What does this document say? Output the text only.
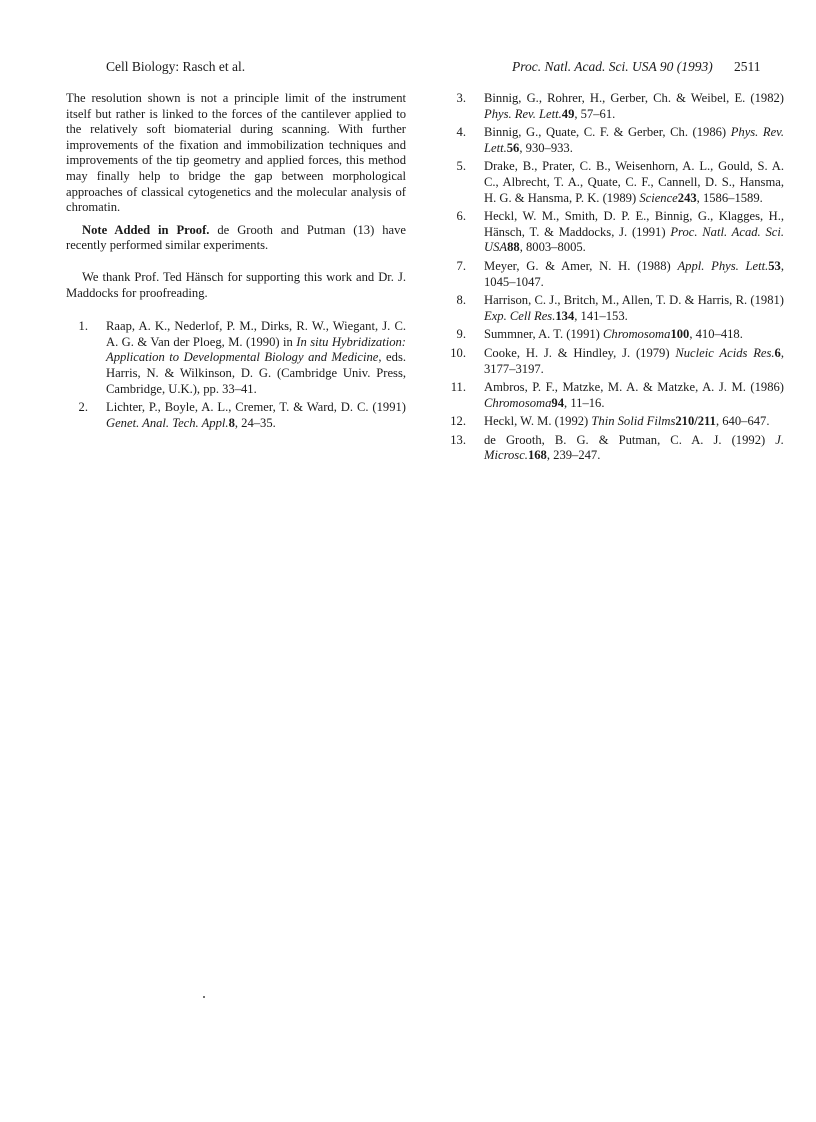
Cell Biology: Rasch et al.	Proc. Natl. Acad. Sci. USA 90 (1993) 2511

The resolution shown is not a principle limit of the instrument itself but rather is linked to the forces of the cantilever applied to the relatively soft biomaterial during scanning. With further improvements of the fixation and immobilization techniques and improvements of the tip geometry and applied forces, this method may finally help to bridge the gap between morphological approaches of classical cytogenetics and the molecular analysis of chromatin.

Note Added in Proof. de Grooth and Putman (13) have recently performed similar experiments.

We thank Prof. Ted Hänsch for supporting this work and Dr. J. Maddocks for proofreading.

1. Raap, A. K., Nederlof, P. M., Dirks, R. W., Wiegant, J. C. A. G. & Van der Ploeg, M. (1990) in In situ Hybridization: Application to Developmental Biology and Medicine, eds. Harris, N. & Wilkinson, D. G. (Cambridge Univ. Press, Cambridge, U.K.), pp. 33–41.

2. Lichter, P., Boyle, A. L., Cremer, T. & Ward, D. C. (1991) Genet. Anal. Tech. Appl.8, 24–35.

3. Binnig, G., Rohrer, H., Gerber, Ch. & Weibel, E. (1982) Phys. Rev. Lett.49, 57–61.

4. Binnig, G., Quate, C. F. & Gerber, Ch. (1986) Phys. Rev. Lett.56, 930–933.

5. Drake, B., Prater, C. B., Weisenhorn, A. L., Gould, S. A. C., Albrecht, T. A., Quate, C. F., Cannell, D. S., Hansma, H. G. & Hansma, P. K. (1989) Science243, 1586–1589.

6. Heckl, W. M., Smith, D. P. E., Binnig, G., Klagges, H., Hänsch, T. & Maddocks, J. (1991) Proc. Natl. Acad. Sci. USA88, 8003–8005.

7. Meyer, G. & Amer, N. H. (1988) Appl. Phys. Lett.53, 1045–1047.

8. Harrison, C. J., Britch, M., Allen, T. D. & Harris, R. (1981) Exp. Cell Res.134, 141–153.

9. Summner, A. T. (1991) Chromosoma100, 410–418.

10. Cooke, H. J. & Hindley, J. (1979) Nucleic Acids Res.6, 3177–3197.

11. Ambros, P. F., Matzke, M. A. & Matzke, A. J. M. (1986) Chromosoma94, 11–16.

12. Heckl, W. M. (1992) Thin Solid Films210/211, 640–647.

13. de Grooth, B. G. & Putman, C. A. J. (1992) J. Microsc.168, 239–247.
